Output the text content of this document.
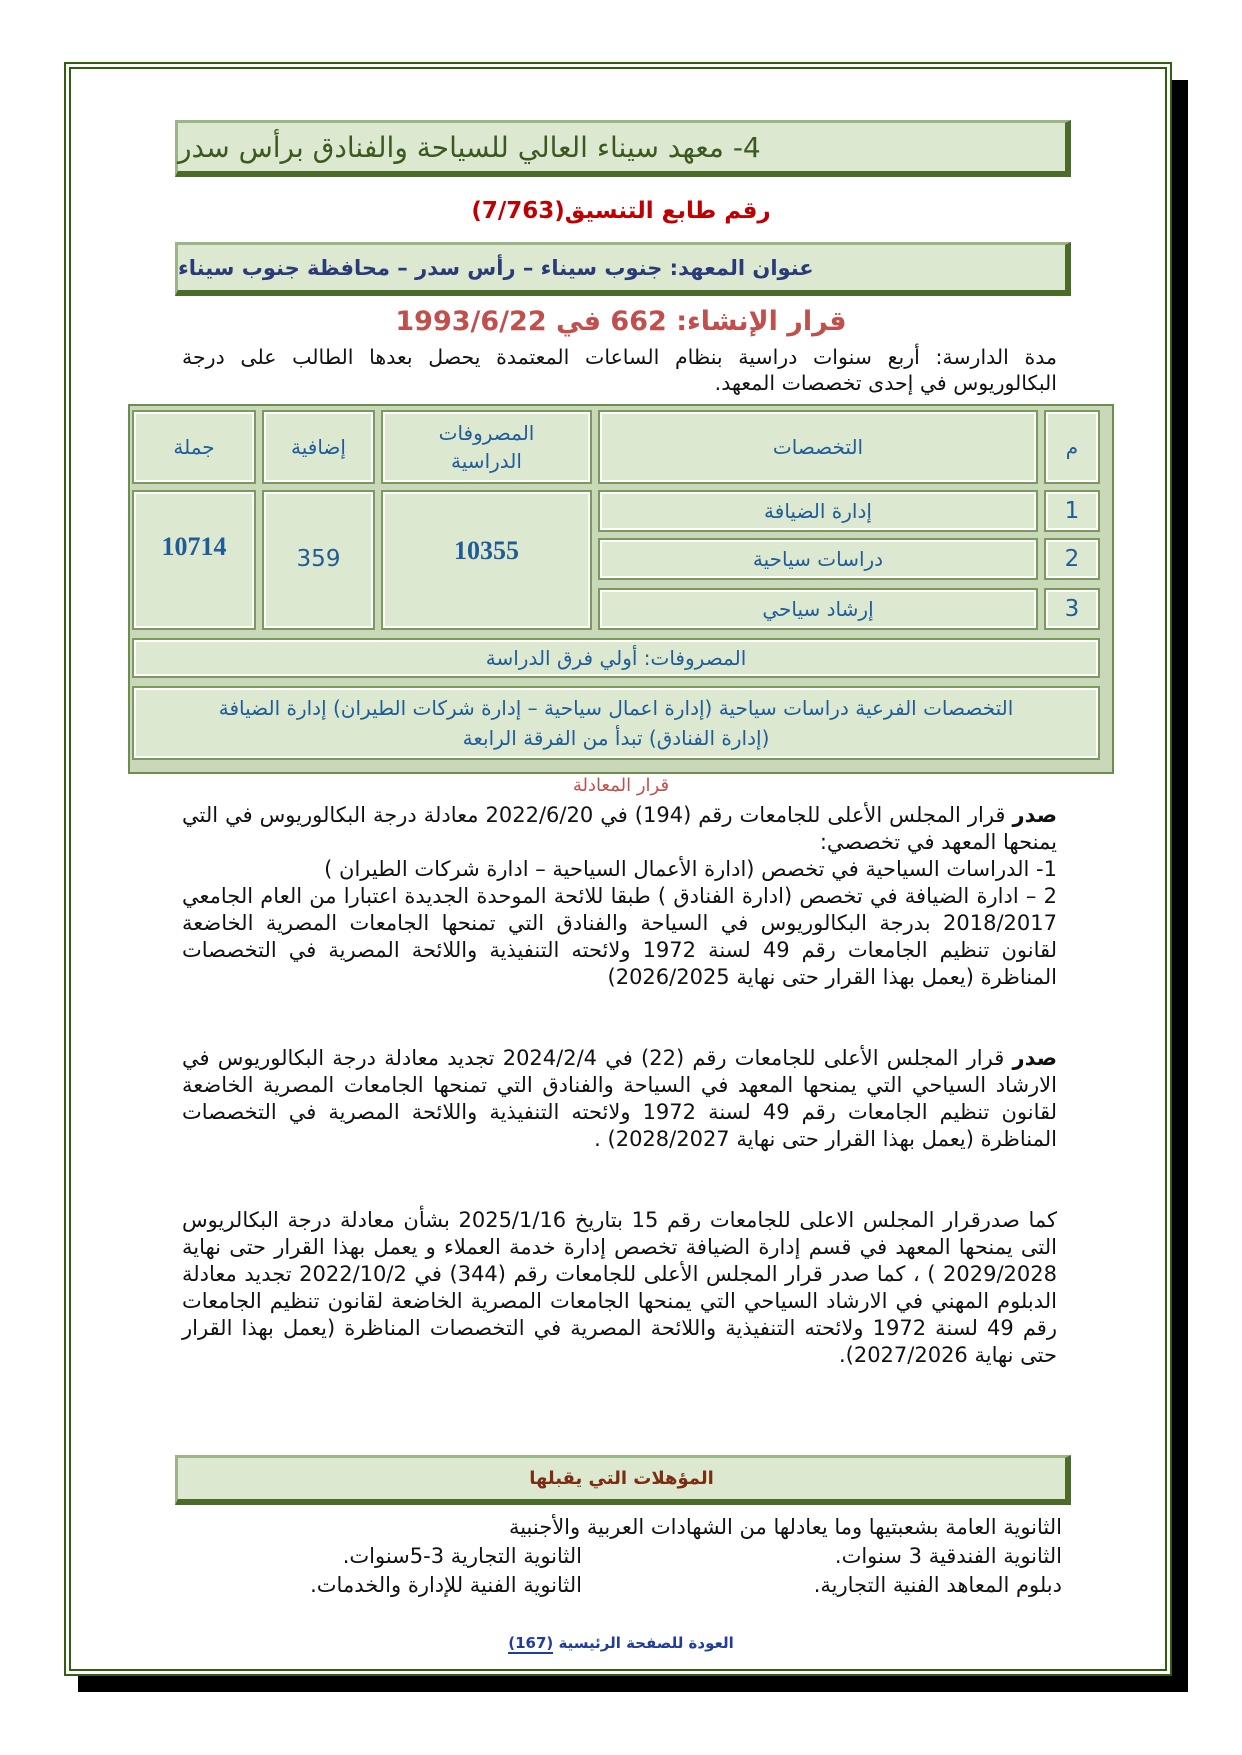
4- معهد سيناء العالي للسياحة والفنادق برأس سدر
رقم طابع التنسيق(7/763)
عنوان المعهد: جنوب سيناء – رأس سدر – محافظة جنوب سيناء
قرار الإنشاء: 662 في 1993/6/22
مدة الدارسة: أربع سنوات دراسية بنظام الساعات المعتمدة يحصل بعدها الطالب على درجة البكالوريوس في إحدى تخصصات المعهد.
م
التخصصات
المصروفات
الدراسية
إضافية
جملة
1
2
3
إدارة الضيافة
دراسات سياحية
إرشاد سياحي
10355
359
10714
المصروفات: أولي فرق الدراسة
التخصصات الفرعية دراسات سياحية (إدارة اعمال سياحية – إدارة شركات الطيران) إدارة الضيافة
(إدارة الفنادق) تبدأ من الفرقة الرابعة
قرار المعادلة
صدر قرار المجلس الأعلى للجامعات رقم (194) في 2022/6/20 معادلة درجة البكالوريوس في التي يمنحها المعهد في تخصصي:
1- الدراسات السياحية في تخصص (ادارة الأعمال السياحية – ادارة شركات الطيران )
2 – ادارة الضيافة في تخصص (ادارة الفنادق ) طبقا للائحة الموحدة الجديدة اعتبارا من العام الجامعي 2018/2017 بدرجة البكالوريوس في السياحة والفنادق التي تمنحها الجامعات المصرية الخاضعة لقانون تنظيم الجامعات رقم 49 لسنة 1972 ولائحته التنفيذية واللائحة المصرية في التخصصات المناظرة (يعمل بهذا القرار حتى نهاية 2026/2025)
صدر قرار المجلس الأعلى للجامعات رقم (22) في 2024/2/4 تجديد معادلة درجة البكالوريوس في الارشاد السياحي التي يمنحها المعهد في السياحة والفنادق التي تمنحها الجامعات المصرية الخاضعة لقانون تنظيم الجامعات رقم 49 لسنة 1972 ولائحته التنفيذية واللائحة المصرية في التخصصات المناظرة (يعمل بهذا القرار حتى نهاية 2028/2027) .
كما صدرقرار المجلس الاعلى للجامعات رقم 15 بتاريخ 2025/1/16 بشأن معادلة درجة البكالريوس التى يمنحها المعهد في قسم إدارة الضيافة تخصص إدارة خدمة العملاء و يعمل بهذا القرار حتى نهاية 2029/2028 ) ، كما صدر قرار المجلس الأعلى للجامعات رقم (344) في 2022/10/2 تجديد معادلة الدبلوم المهني في الارشاد السياحي التي يمنحها الجامعات المصرية الخاضعة لقانون تنظيم الجامعات رقم 49 لسنة 1972 ولائحته التنفيذية واللائحة المصرية في التخصصات المناظرة (يعمل بهذا القرار حتى نهاية 2027/2026).
المؤهلات التي يقبلها
الثانوية العامة بشعبتيها وما يعادلها من الشهادات العربية والأجنبية
الثانوية الفندقية 3 سنوات.
الثانوية التجارية 3-5سنوات.
دبلوم المعاهد الفنية التجارية.
الثانوية الفنية للإدارة والخدمات.
العودة للصفحة الرئيسية (167)
